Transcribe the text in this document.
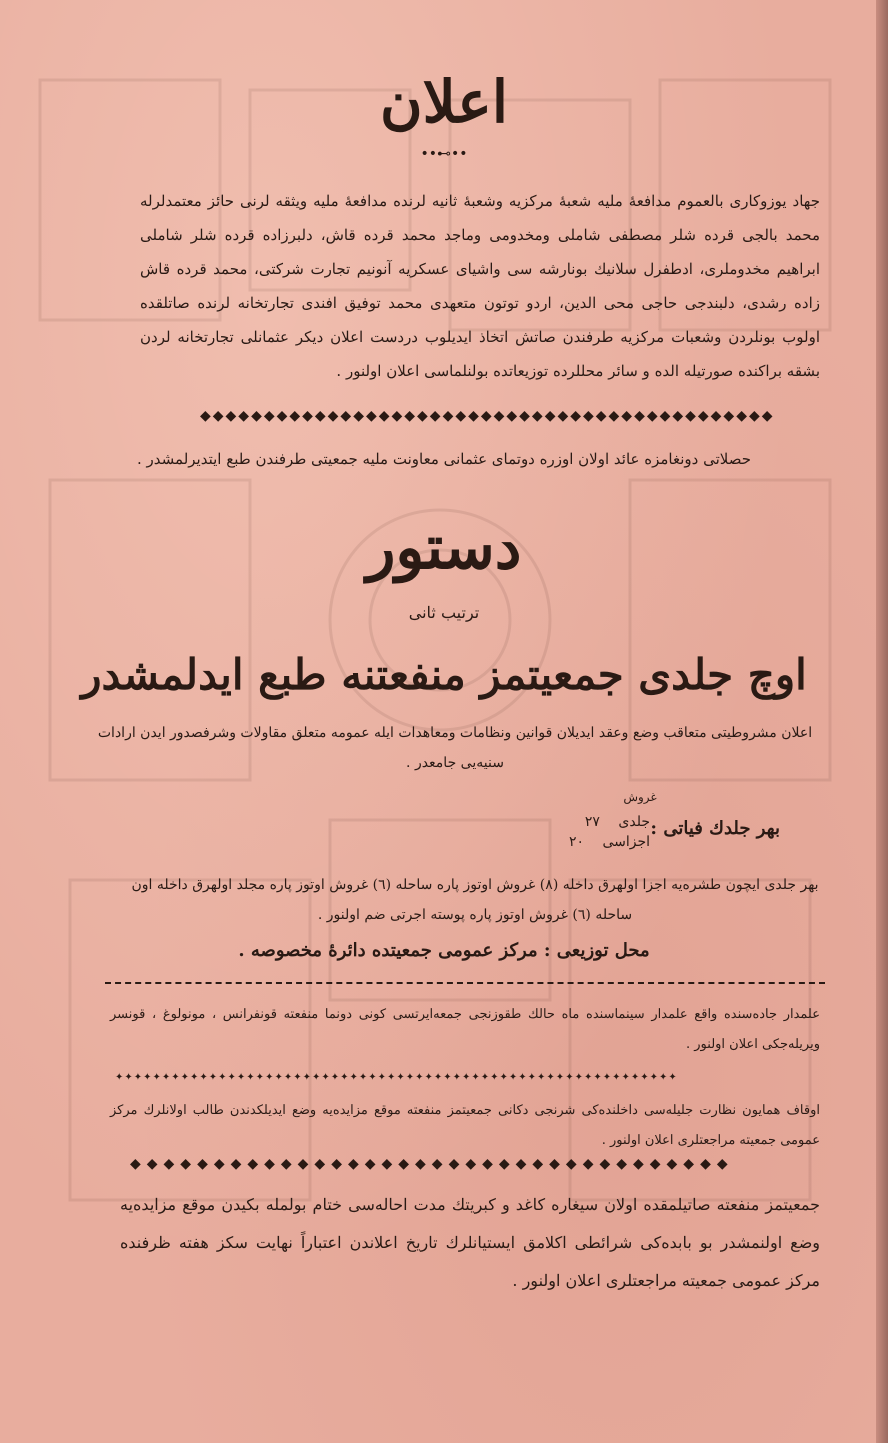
اعلان
••⊷••
جهاد يوزوكاری بالعموم مدافعهٔ مليه شعبهٔ مركزيه وشعبهٔ ثانيه لرنده مدافعهٔ مليه ويثقه لرنی حائز معتمدلرله محمد بالجی قرده شلر مصطفی شاملی ومخدومی وماجد محمد قرده قاش، دلبرزاده قرده شلر شاملی ابراهيم مخدوملری، ادطفرل سلانيك بونارشه سی واشيای عسكريه آنونيم تجارت شركتی، محمد قرده قاش زاده رشدی، دلبندجی حاجی محی الدين، اردو توتون متعهدی محمد توفيق افندی تجارتخانه لرنده صاتلقده اولوب بونلردن وشعبات مركزيه طرفندن صاتش اتخاذ ايدیلوب دردست اعلان ديكر عثمانلی تجارتخانه لردن بشقه براكنده صورتيله الده و سائر محللرده توزيعاتده بولنلماسی اعلان اولنور .
◆◆◆◆◆◆◆◆◆◆◆◆◆◆◆◆◆◆◆◆◆◆◆◆◆◆◆◆◆◆◆◆◆◆◆◆◆◆◆◆◆◆◆◆◆
حصلاتی دونغامزه عائد اولان اوزره دوتمای عثمانی معاونت مليه جمعيتی طرفندن طبع ايتديرلمشدر .
دستور
ترتيب ثانی
اوچ جلدی جمعيتمز منفعتنه طبع ايدلمشدر
اعلان مشروطيتی متعاقب وضع وعقد ايديلان قوانين ونظامات ومعاهدات ايله عمومه متعلق مقاولات وشرفصدور ايدن ارادات سنيه‌یی جامعدر .
غروش
بهر جلدك فياتی :
جلدی ٢٧
اجزاسی ٢٠
بهر جلدی ايچون طشره‌يه اجزا اولهرق داخله (٨) غروش اوتوز پاره ساحله (٦) غروش اوتوز پاره مجلد اولهرق داخله اون ساحله (٦) غروش اوتوز پاره پوسته اجرتی ضم اولنور .
محل توزيعی : مركز عمومی جمعيتده دائرهٔ مخصوصه .
علمدار جاده‌سنده واقع علمدار سينماسنده ماه حالك طقوزنجی جمعه‌ايرتسی كونی دونما منفعته قونفرانس ، مونولوغ ، قونسر ويريله‌جكی اعلان اولنور .
✦✦✦✦✦✦✦✦✦✦✦✦✦✦✦✦✦✦✦✦✦✦✦✦✦✦✦✦✦✦✦✦✦✦✦✦✦✦✦✦✦✦✦✦✦✦✦✦✦✦✦✦✦✦✦✦✦✦✦✦
اوقاف همايون نظارت جليله‌سی داخلنده‌كی شرنجی دكانی جمعيتمز منفعته موقع مزايده‌يه وضع ايديلكدندن طالب اولانلرك مركز عمومی جمعيته مراجعتلری اعلان اولنور .
◆◆◆◆◆◆◆◆◆◆◆◆◆◆◆◆◆◆◆◆◆◆◆◆◆◆◆◆◆◆◆◆◆◆◆◆
جمعيتمز منفعته صاتيلمقده اولان سيغاره كاغد و كبريتك مدت احاله‌سی ختام بولمله بكيدن موقع مزايده‌يه وضع اولنمشدر بو بابده‌كی شرائطی اكلامق ايستيانلرك تاريخ اعلاندن اعتباراً نهايت سكز هفته ظرفنده مركز عمومی جمعيته مراجعتلری اعلان اولنور .
